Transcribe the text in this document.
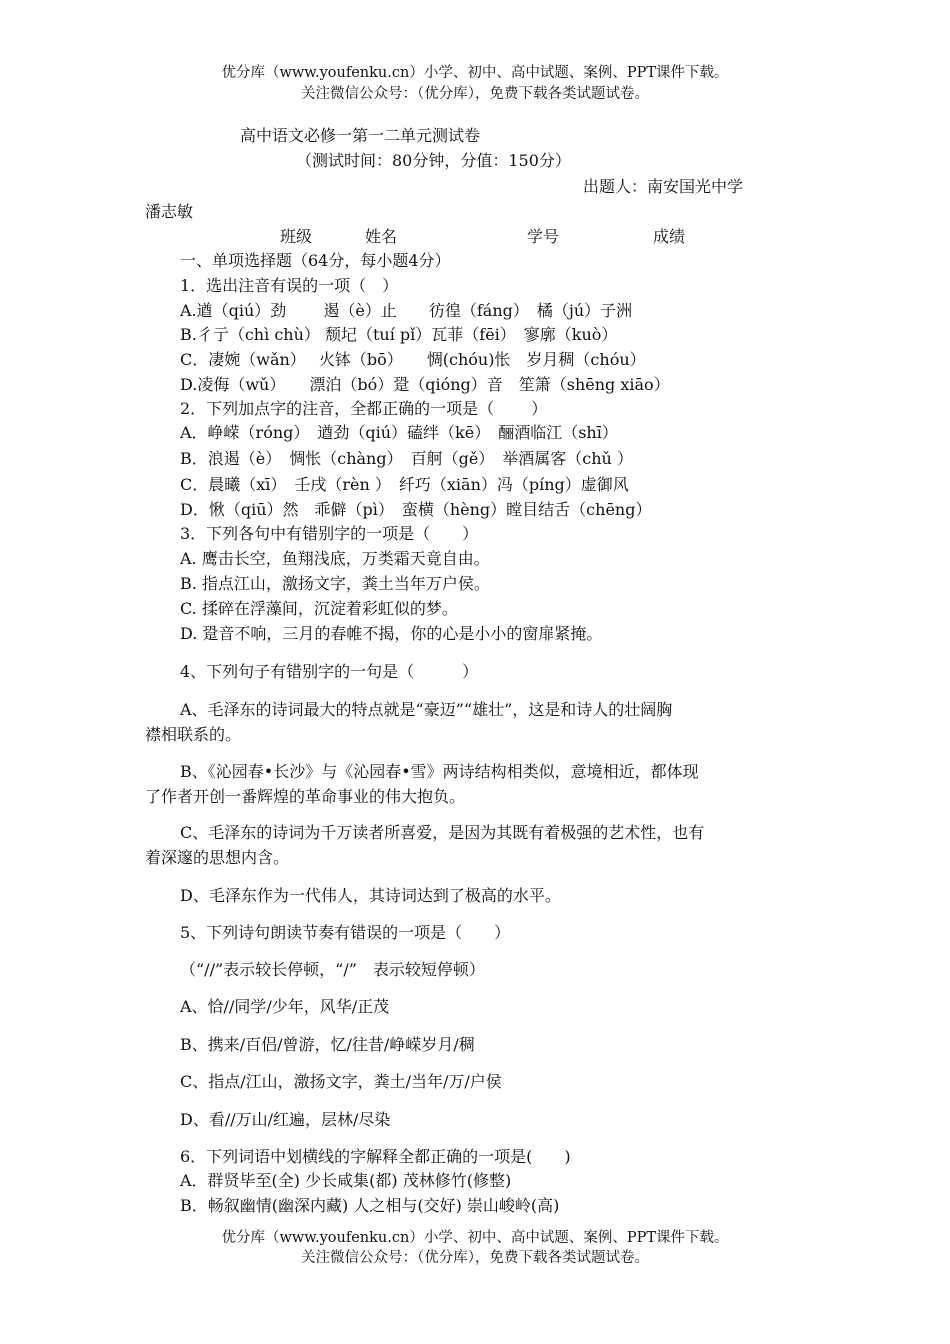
优分库（www.youfenku.cn）小学、初中、高中试题、案例、PPT课件下载。
关注微信公众号：（优分库），免费下载各类试题试卷。
高中语文必修一第一二单元测试卷
（测试时间：80分钟，分值：150分）
出题人：南安国光中学
潘志敏
班级	姓名	学号	成绩
一、单项选择题（64分，每小题4分）
1．选出注音有误的一项（　）
A.遒（qiú）劲　　 遏（è）止　　彷徨（fáng）　橘（jú）子洲
B.彳亍（chì chù） 颓圮（tuí pǐ）瓦菲（fēi）　寥廓（kuò）
C．凄婉（wǎn）　 火钵（bō）　　惆(chóu)怅　岁月稠（chóu）
D.凌侮（wǔ）　　漂泊（bó）跫（qióng）音　笙箫（shēng xiāo）
2．下列加点字的注音，全都正确的一项是（　　 ）
A．峥嵘（róng）　遒劲（qiú）磕绊（kē）　酾酒临江（shī）
B．浪遏（è）　惆怅（chàng）　百舸（gě）　举酒属客（chǔ ）
C．晨曦（xī）　壬戌（rèn ）　纤巧（xiān）冯（píng）虚御风
D．愀（qiū）然　乖僻（pì）　蛮横（hèng）瞠目结舌（chēng）
3．下列各句中有错别字的一项是（　　）
A. 鹰击长空，鱼翔浅底，万类霜天竟自由。
B. 指点江山，激扬文字，粪土当年万户侯。
C. 揉碎在浮藻间，沉淀着彩虹似的梦。
D. 跫音不响，三月的春帷不揭，你的心是小小的窗扉紧掩。
4、下列句子有错别字的一句是（　　　）
A、毛泽东的诗词最大的特点就是“豪迈”“雄壮”，这是和诗人的壮阔胸
襟相联系的。
B、《沁园春•长沙》与《沁园春•雪》两诗结构相类似，意境相近，都体现
了作者开创一番辉煌的革命事业的伟大抱负。
C、毛泽东的诗词为千万读者所喜爱，是因为其既有着极强的艺术性，也有
着深邃的思想内含。
D、毛泽东作为一代伟人，其诗词达到了极高的水平。
5、下列诗句朗读节奏有错误的一项是（　　）
（“//”表示较长停顿，“/”　表示较短停顿）
A、恰//同学/少年，风华/正茂
B、携来/百侣/曾游，忆/往昔/峥嵘岁月/稠
C、指点/江山，激扬文字，粪土/当年/万/户侯
D、看//万山/红遍，层林/尽染
6．下列词语中划横线的字解释全都正确的一项是(　　)
A．群贤毕至(全) 少长咸集(都) 茂林修竹(修整)
B．畅叙幽情(幽深内藏) 人之相与(交好) 崇山峻岭(高)
优分库（www.youfenku.cn）小学、初中、高中试题、案例、PPT课件下载。
关注微信公众号：（优分库），免费下载各类试题试卷。
